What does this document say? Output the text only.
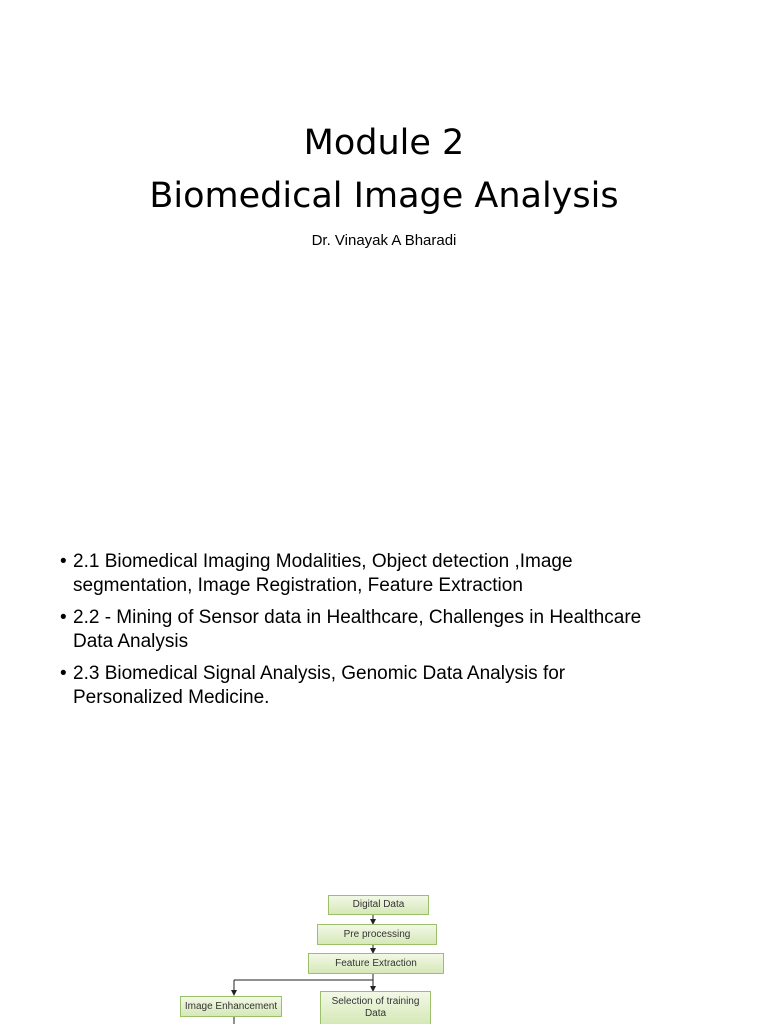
Module 2
Biomedical Image Analysis
Dr. Vinayak A Bharadi
• 2.1 Biomedical Imaging Modalities, Object detection ,Image
segmentation, Image Registration, Feature Extraction
• 2.2 - Mining of Sensor data in Healthcare, Challenges in Healthcare
Data Analysis
• 2.3 Biomedical Signal Analysis, Genomic Data Analysis for
Personalized Medicine.
Digital Data
Pre processing
Feature Extraction
Image Enhancement	Selection of training
Data
